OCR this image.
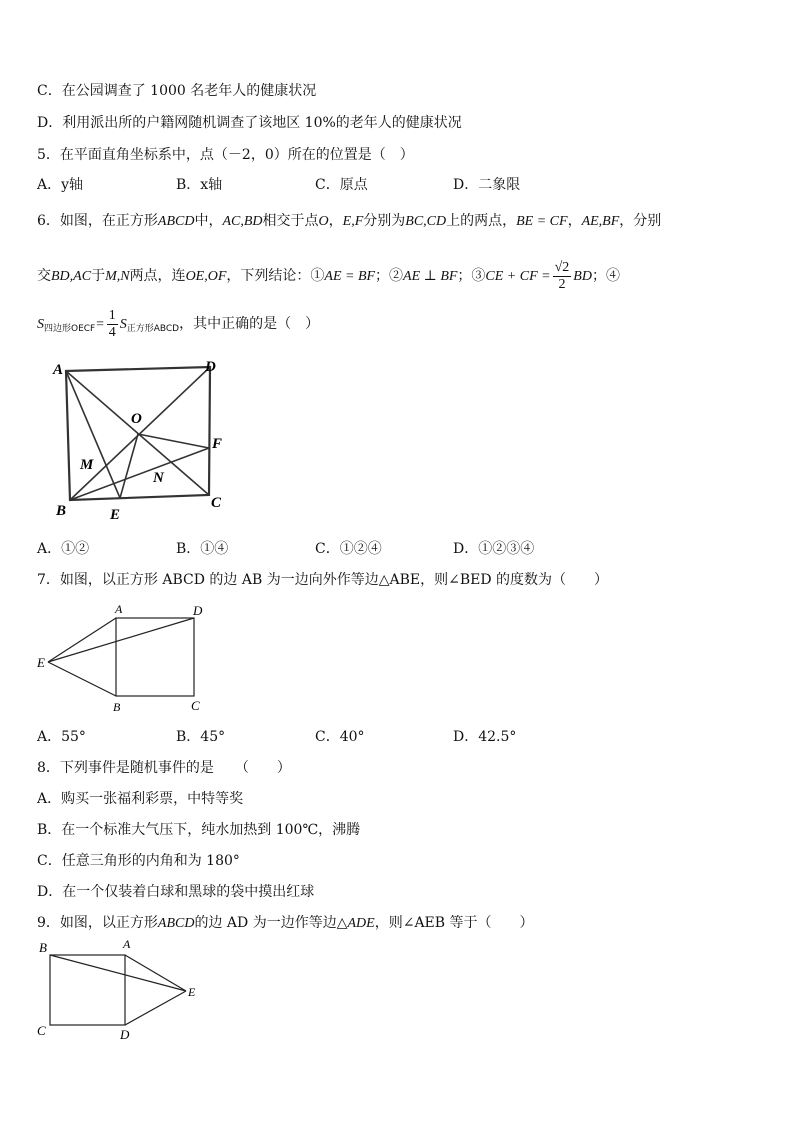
C．在公园调查了 1000 名老年人的健康状况
D．利用派出所的户籍网随机调查了该地区 10%的老年人的健康状况
5．在平面直角坐标系中，点（－2，0）所在的位置是（　）
A．y轴	B．x轴	C．原点	D．二象限
6．如图，在正方形ABCD中，AC,BD相交于点O，E,F分别为BC,CD上的两点，BE = CF，AE,BF，分别
交BD,AC于M,N两点，连OE,OF，下列结论：①AE = BF；②AE ⊥ BF；③CE + CF = $\frac{√2}{2}$ BD；④
$S_{四边形OECF}= \frac{1}{4} S_{正方形ABCD}$，其中正确的是（　）
A	D
O
F
M
N
B	E
C
A．①②	B．①④	C．①②④	D．①②③④
7．如图，以正方形 ABCD 的边 AB 为一边向外作等边△ABE，则∠BED 的度数为（　　）
A	D
E
B	C
A．55°	B．45°	C．40°	D．42.5°
8．下列事件是随机事件的是　　（　　）
A．购买一张福利彩票，中特等奖
B．在一个标准大气压下，纯水加热到 100℃，沸腾
C．任意三角形的内角和为 180°
D．在一个仅装着白球和黑球的袋中摸出红球
9．如图，以正方形ABCD的边 AD 为一边作等边△ADE，则∠AEB 等于（　　）
B	A
E
C	D
